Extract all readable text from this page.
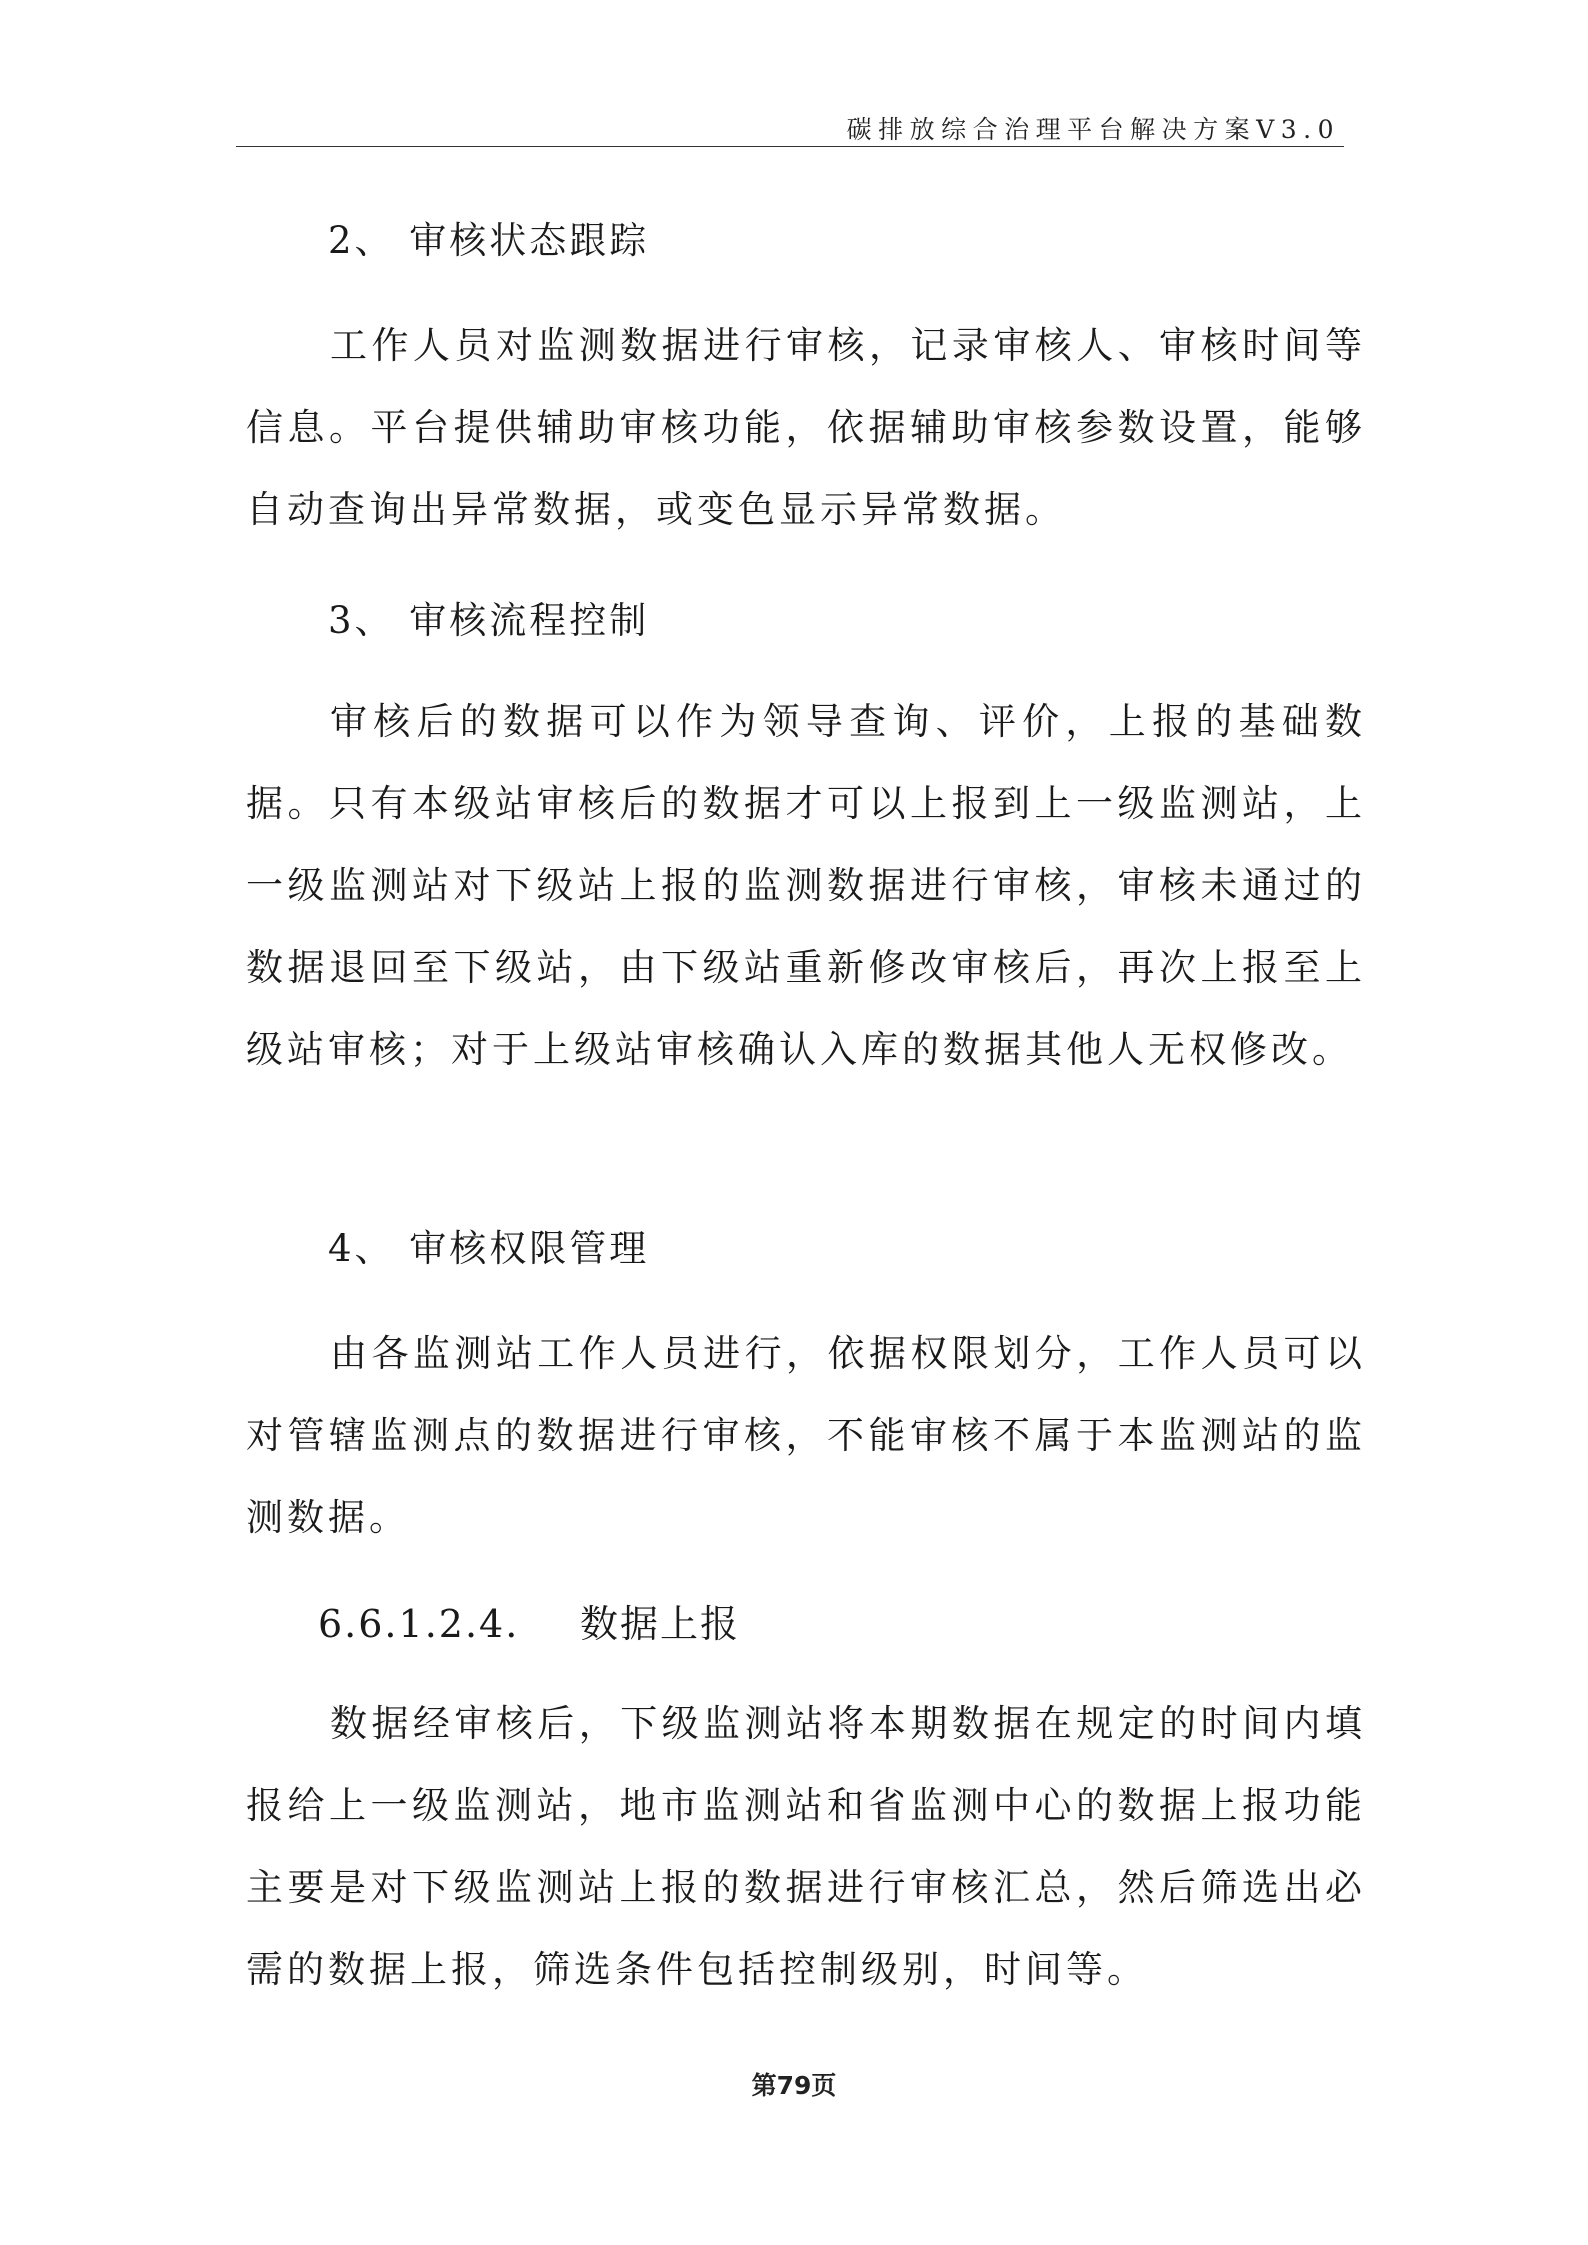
碳排放综合治理平台解决方案V3.0
2、 审核状态跟踪

工作人员对监测数据进行审核，记录审核人、审核时间等信息。平台提供辅助审核功能，依据辅助审核参数设置，能够自动查询出异常数据，或变色显示异常数据。

3、 审核流程控制

审核后的数据可以作为领导查询、评价，上报的基础数据。只有本级站审核后的数据才可以上报到上一级监测站，上一级监测站对下级站上报的监测数据进行审核，审核未通过的数据退回至下级站，由下级站重新修改审核后，再次上报至上级站审核；对于上级站审核确认入库的数据其他人无权修改。

4、 审核权限管理

由各监测站工作人员进行，依据权限划分，工作人员可以对管辖监测点的数据进行审核，不能审核不属于本监测站的监测数据。

6.6.1.2.4. 数据上报

数据经审核后，下级监测站将本期数据在规定的时间内填报给上一级监测站，地市监测站和省监测中心的数据上报功能主要是对下级监测站上报的数据进行审核汇总，然后筛选出必需的数据上报，筛选条件包括控制级别，时间等。

第79页
